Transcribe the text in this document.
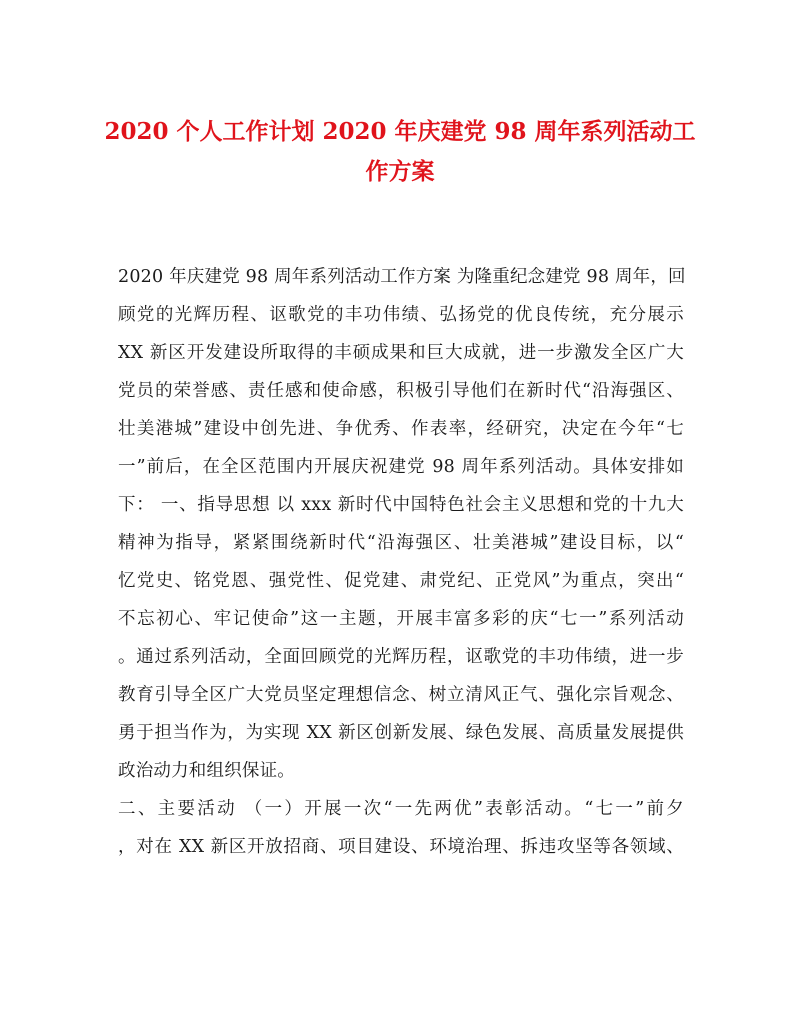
2020 个人工作计划 2020 年庆建党 98 周年系列活动工
作方案
2020 年庆建党 98 周年系列活动工作方案 为隆重纪念建党 98 周年，回
顾党的光辉历程、讴歌党的丰功伟绩、弘扬党的优良传统，充分展示
XX 新区开发建设所取得的丰硕成果和巨大成就，进一步激发全区广大
党员的荣誉感、责任感和使命感，积极引导他们在新时代“沿海强区、
壮美港城”建设中创先进、争优秀、作表率，经研究，决定在今年“七
一”前后，在全区范围内开展庆祝建党 98 周年系列活动。具体安排如
下： 一、指导思想 以 xxx 新时代中国特色社会主义思想和党的十九大
精神为指导，紧紧围绕新时代“沿海强区、壮美港城”建设目标，以“
忆党史、铭党恩、强党性、促党建、肃党纪、正党风”为重点，突出“
不忘初心、牢记使命”这一主题，开展丰富多彩的庆“七一”系列活动
。通过系列活动，全面回顾党的光辉历程，讴歌党的丰功伟绩，进一步
教育引导全区广大党员坚定理想信念、树立清风正气、强化宗旨观念、
勇于担当作为，为实现 XX 新区创新发展、绿色发展、高质量发展提供
政治动力和组织保证。
二、主要活动 （一）开展一次“一先两优”表彰活动。“七一”前夕
，对在 XX 新区开放招商、项目建设、环境治理、拆违攻坚等各领域、
